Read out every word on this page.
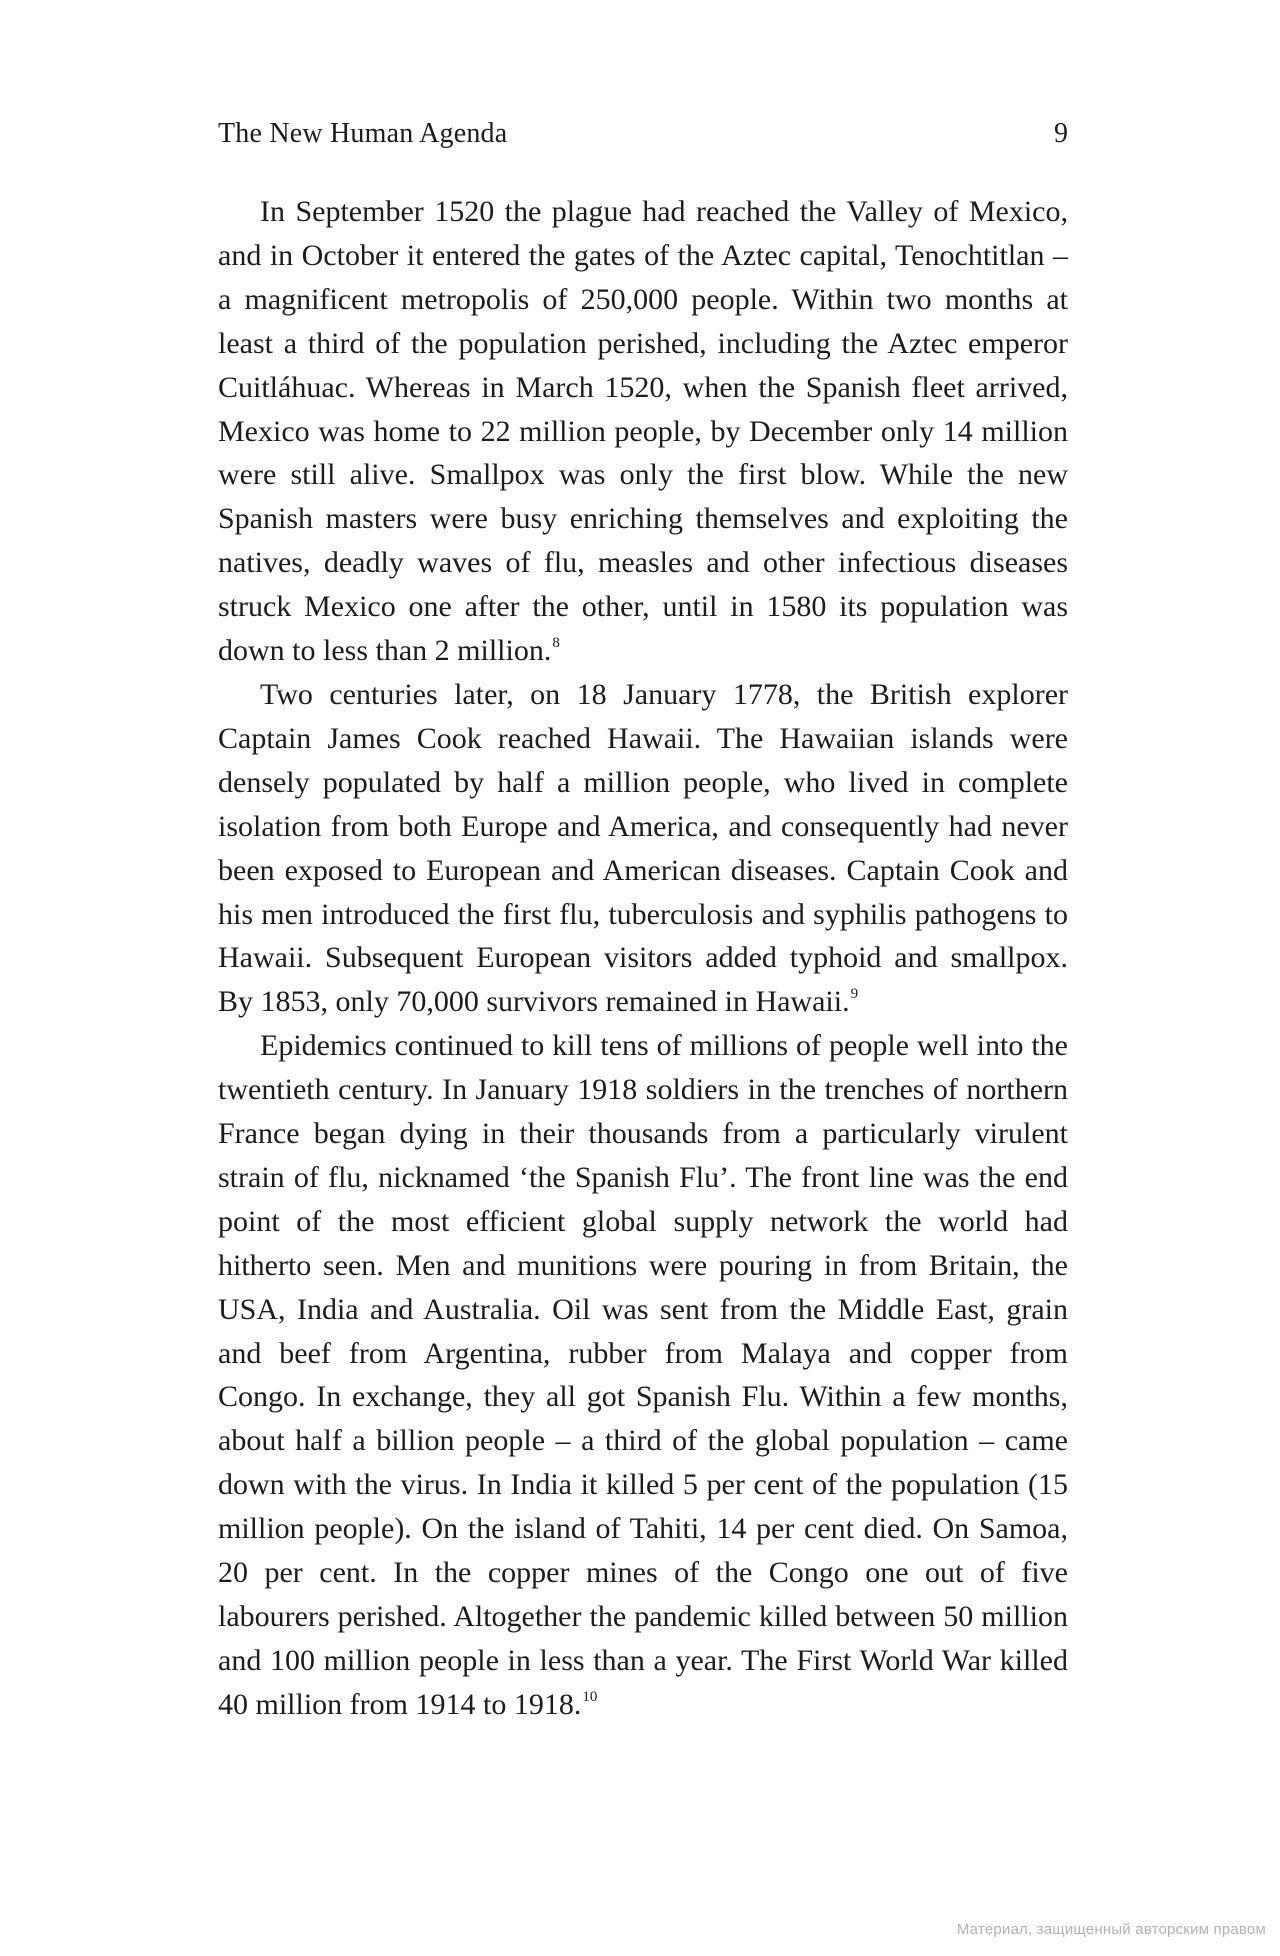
The New Human Agenda	9

In September 1520 the plague had reached the Valley of Mexico, and in October it entered the gates of the Aztec capital, Tenochtitlan – a magnificent metropolis of 250,000 people. Within two months at least a third of the population perished, including the Aztec emperor Cuitláhuac. Whereas in March 1520, when the Spanish fleet arrived, Mexico was home to 22 million people, by December only 14 million were still alive. Smallpox was only the first blow. While the new Spanish masters were busy enriching themselves and exploiting the natives, deadly waves of flu, measles and other infectious diseases struck Mexico one after the other, until in 1580 its population was down to less than 2 million.$^8$

Two centuries later, on 18 January 1778, the British explorer Captain James Cook reached Hawaii. The Hawaiian islands were densely populated by half a million people, who lived in complete isolation from both Europe and America, and consequently had never been exposed to European and American diseases. Captain Cook and his men introduced the first flu, tuberculosis and syphilis pathogens to Hawaii. Subsequent European visitors added typhoid and smallpox. By 1853, only 70,000 survivors remained in Hawaii.$^9$

Epidemics continued to kill tens of millions of people well into the twentieth century. In January 1918 soldiers in the trenches of northern France began dying in their thousands from a particularly virulent strain of flu, nicknamed ‘the Spanish Flu’. The front line was the end point of the most efficient global supply network the world had hitherto seen. Men and munitions were pouring in from Britain, the USA, India and Australia. Oil was sent from the Middle East, grain and beef from Argentina, rubber from Malaya and copper from Congo. In exchange, they all got Spanish Flu. Within a few months, about half a billion people – a third of the global population – came down with the virus. In India it killed 5 per cent of the population (15 million people). On the island of Tahiti, 14 per cent died. On Samoa, 20 per cent. In the copper mines of the Congo one out of five labourers perished. Altogether the pandemic killed between 50 million and 100 million people in less than a year. The First World War killed 40 million from 1914 to 1918.10

Материал, защищенный авторским правом
